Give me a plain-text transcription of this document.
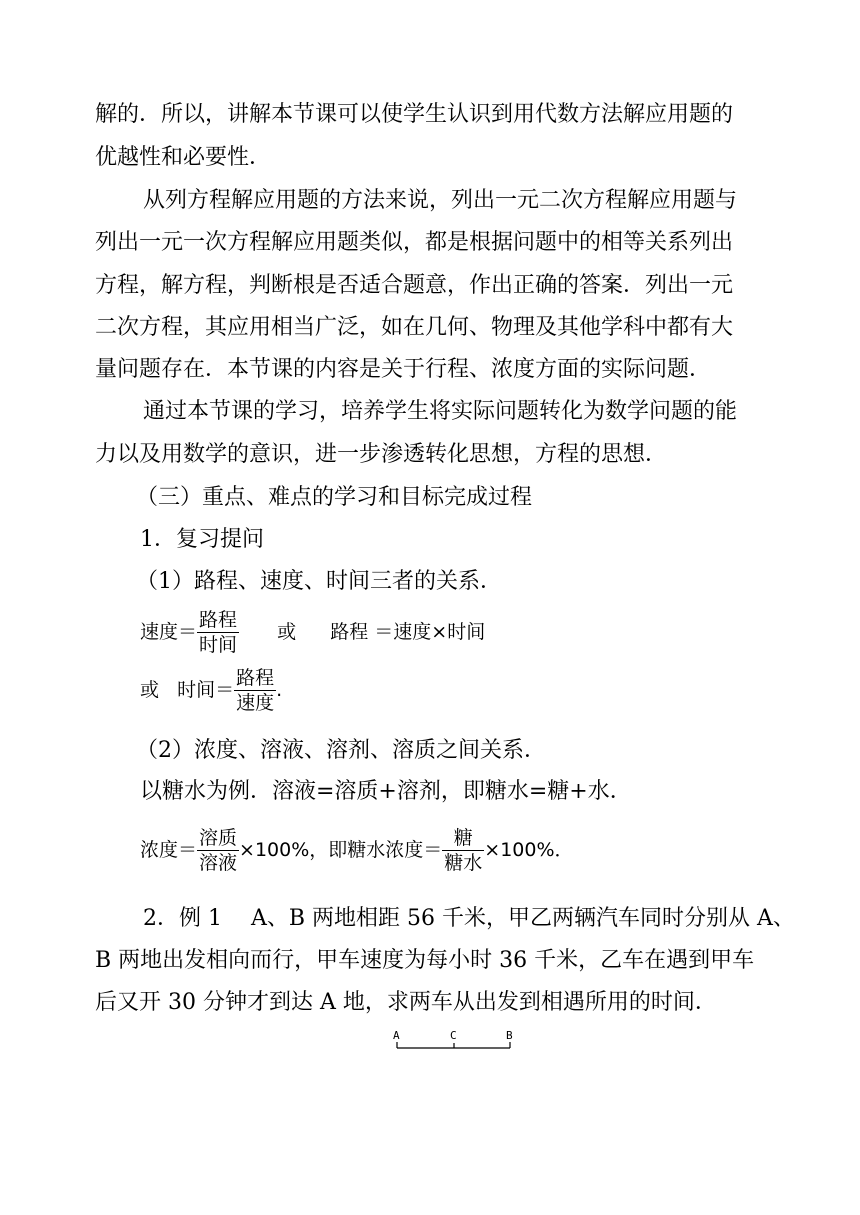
解的．所以，讲解本节课可以使学生认识到用代数方法解应用题的
优越性和必要性．
从列方程解应用题的方法来说，列出一元二次方程解应用题与
列出一元一次方程解应用题类似，都是根据问题中的相等关系列出
方程，解方程，判断根是否适合题意，作出正确的答案．列出一元
二次方程，其应用相当广泛，如在几何、物理及其他学科中都有大
量问题存在．本节课的内容是关于行程、浓度方面的实际问题．
通过本节课的学习，培养学生将实际问题转化为数学问题的能
力以及用数学的意识，进一步渗透转化思想，方程的思想．
（三）重点、难点的学习和目标完成过程
1．复习提问
（1）路程、速度、时间三者的关系．
速度＝ $\frac{\text{路程}}{\text{时间}}$ 或 路程 ＝速度×时间
或 时间＝ $\frac{\text{路程}}{\text{速度}}$ .
（2）浓度、溶液、溶剂、溶质之间关系．
以糖水为例．溶液=溶质+溶剂，即糖水=糖+水．
浓度＝ $\frac{\text{溶质}}{\text{溶液}} \times 100\%$，即糖水浓度＝ $\frac{\text{糖}}{\text{糖水}} \times 100\%$．
2．例 1　 A、B 两地相距 56 千米，甲乙两辆汽车同时分别从 A、
B 两地出发相向而行，甲车速度为每小时 36 千米，乙车在遇到甲车
后又开 30 分钟才到达 A 地，求两车从出发到相遇所用的时间．
A	C	B
